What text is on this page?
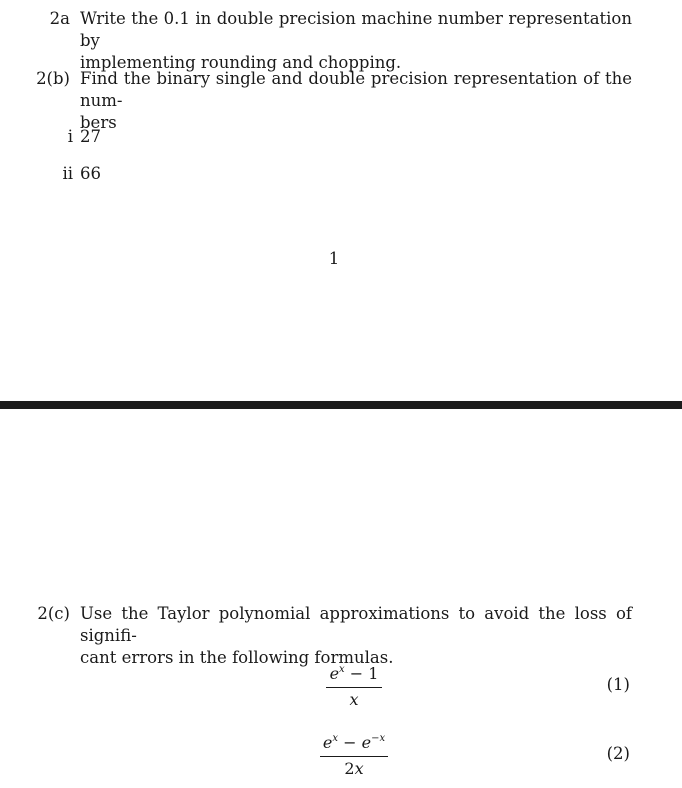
2a Write the 0.1 in double precision machine number representation by
implementing rounding and chopping.
2(b) Find the binary single and double precision representation of the num-
bers
i 27
ii 66
1
2(c) Use the Taylor polynomial approximations to avoid the loss of signifi-
cant errors in the following formulas.
$e^x - 1$
x
(1)
$e^x - e^{-x}$
2x
(2)
